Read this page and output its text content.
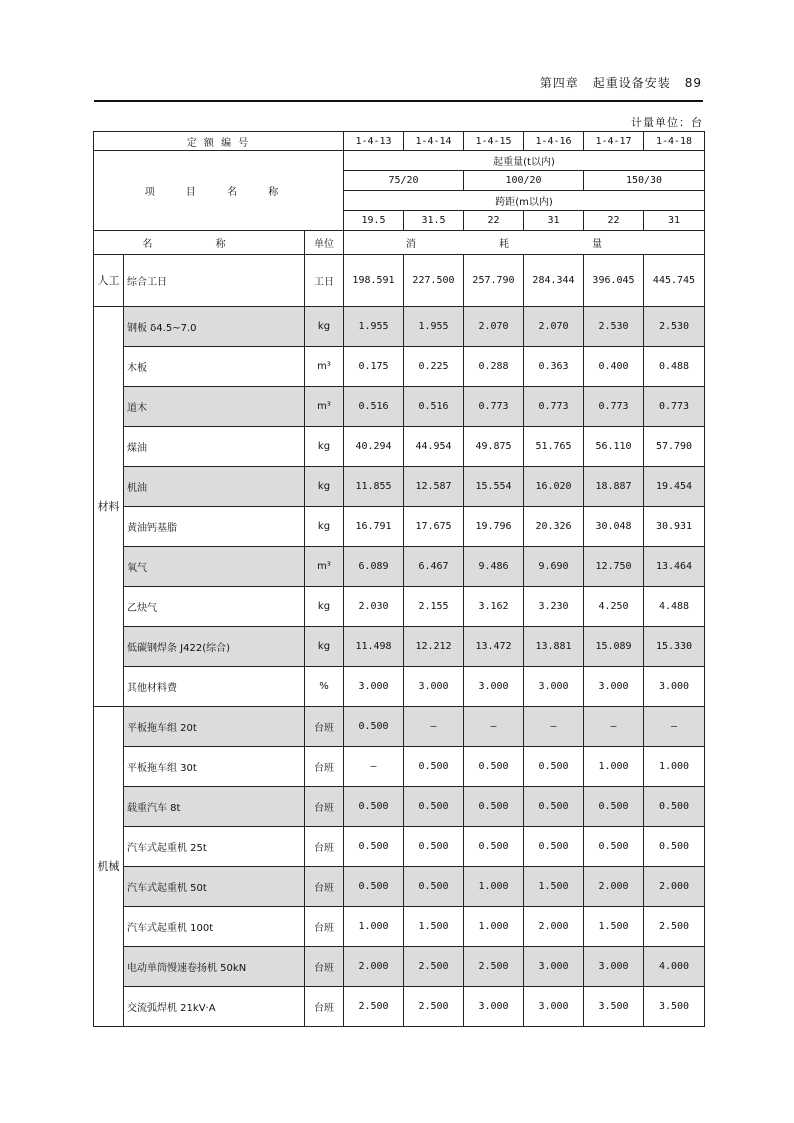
第四章 起重设备安装 89
计量单位：台
定 额 编 号			1-4-13	1-4-14	1-4-15	1-4-16	1-4-17	1-4-18
项 目 名 称			起重量(t以内)					
			75/20		100/20		150/30	
			跨距(m以内)					
			19.5	31.5	22	31	22	31
名 称		单位	消 耗 量					
人工	综合工日	工日	198.591	227.500	257.790	284.344	396.045	445.745
材料	钢板 δ4.5~7.0	kg	1.955	1.955	2.070	2.070	2.530	2.530
	木板	m³	0.175	0.225	0.288	0.363	0.400	0.488
	道木	m³	0.516	0.516	0.773	0.773	0.773	0.773
	煤油	kg	40.294	44.954	49.875	51.765	56.110	57.790
	机油	kg	11.855	12.587	15.554	16.020	18.887	19.454
	黄油钙基脂	kg	16.791	17.675	19.796	20.326	30.048	30.931
	氧气	m³	6.089	6.467	9.486	9.690	12.750	13.464
	乙炔气	kg	2.030	2.155	3.162	3.230	4.250	4.488
	低碳钢焊条 J422(综合)	kg	11.498	12.212	13.472	13.881	15.089	15.330
	其他材料费	%	3.000	3.000	3.000	3.000	3.000	3.000
机械	平板拖车组 20t	台班	0.500	—	—	—	—	—
	平板拖车组 30t	台班	—	0.500	0.500	0.500	1.000	1.000
	载重汽车 8t	台班	0.500	0.500	0.500	0.500	0.500	0.500
	汽车式起重机 25t	台班	0.500	0.500	0.500	0.500	0.500	0.500
	汽车式起重机 50t	台班	0.500	0.500	1.000	1.500	2.000	2.000
	汽车式起重机 100t	台班	1.000	1.500	1.000	2.000	1.500	2.500
	电动单筒慢速卷扬机 50kN	台班	2.000	2.500	2.500	3.000	3.000	4.000
	交流弧焊机 21kV·A	台班	2.500	2.500	3.000	3.000	3.500	3.500
